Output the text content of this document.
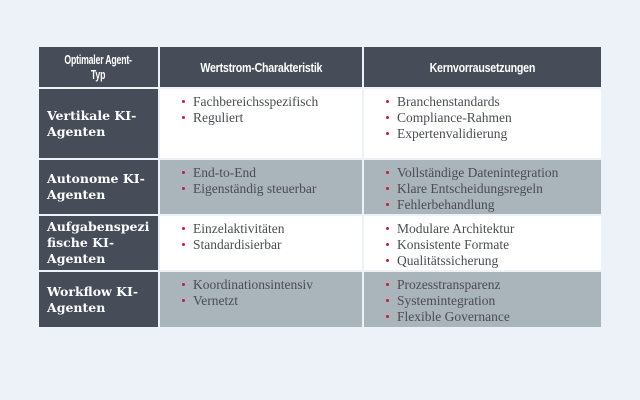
Optimaler Agent-
Typ	Wertstrom-Charakteristik	Kernvorrausetzungen
Vertikale KI-
Agenten
Fachbereichsspezifisch
Reguliert
Branchenstandards
Compliance-Rahmen
Expertenvalidierung
Autonome KI-
Agenten
End-to-End
Eigenständig steuerbar
Vollständige Datenintegration
Klare Entscheidungsregeln
Fehlerbehandlung
Aufgabenspezi
fische KI-
Agenten
Einzelaktivitäten
Standardisierbar
Modulare Architektur
Konsistente Formate
Qualitätssicherung
Workflow KI-
Agenten
Koordinationsintensiv
Vernetzt
Prozesstransparenz
Systemintegration
Flexible Governance
